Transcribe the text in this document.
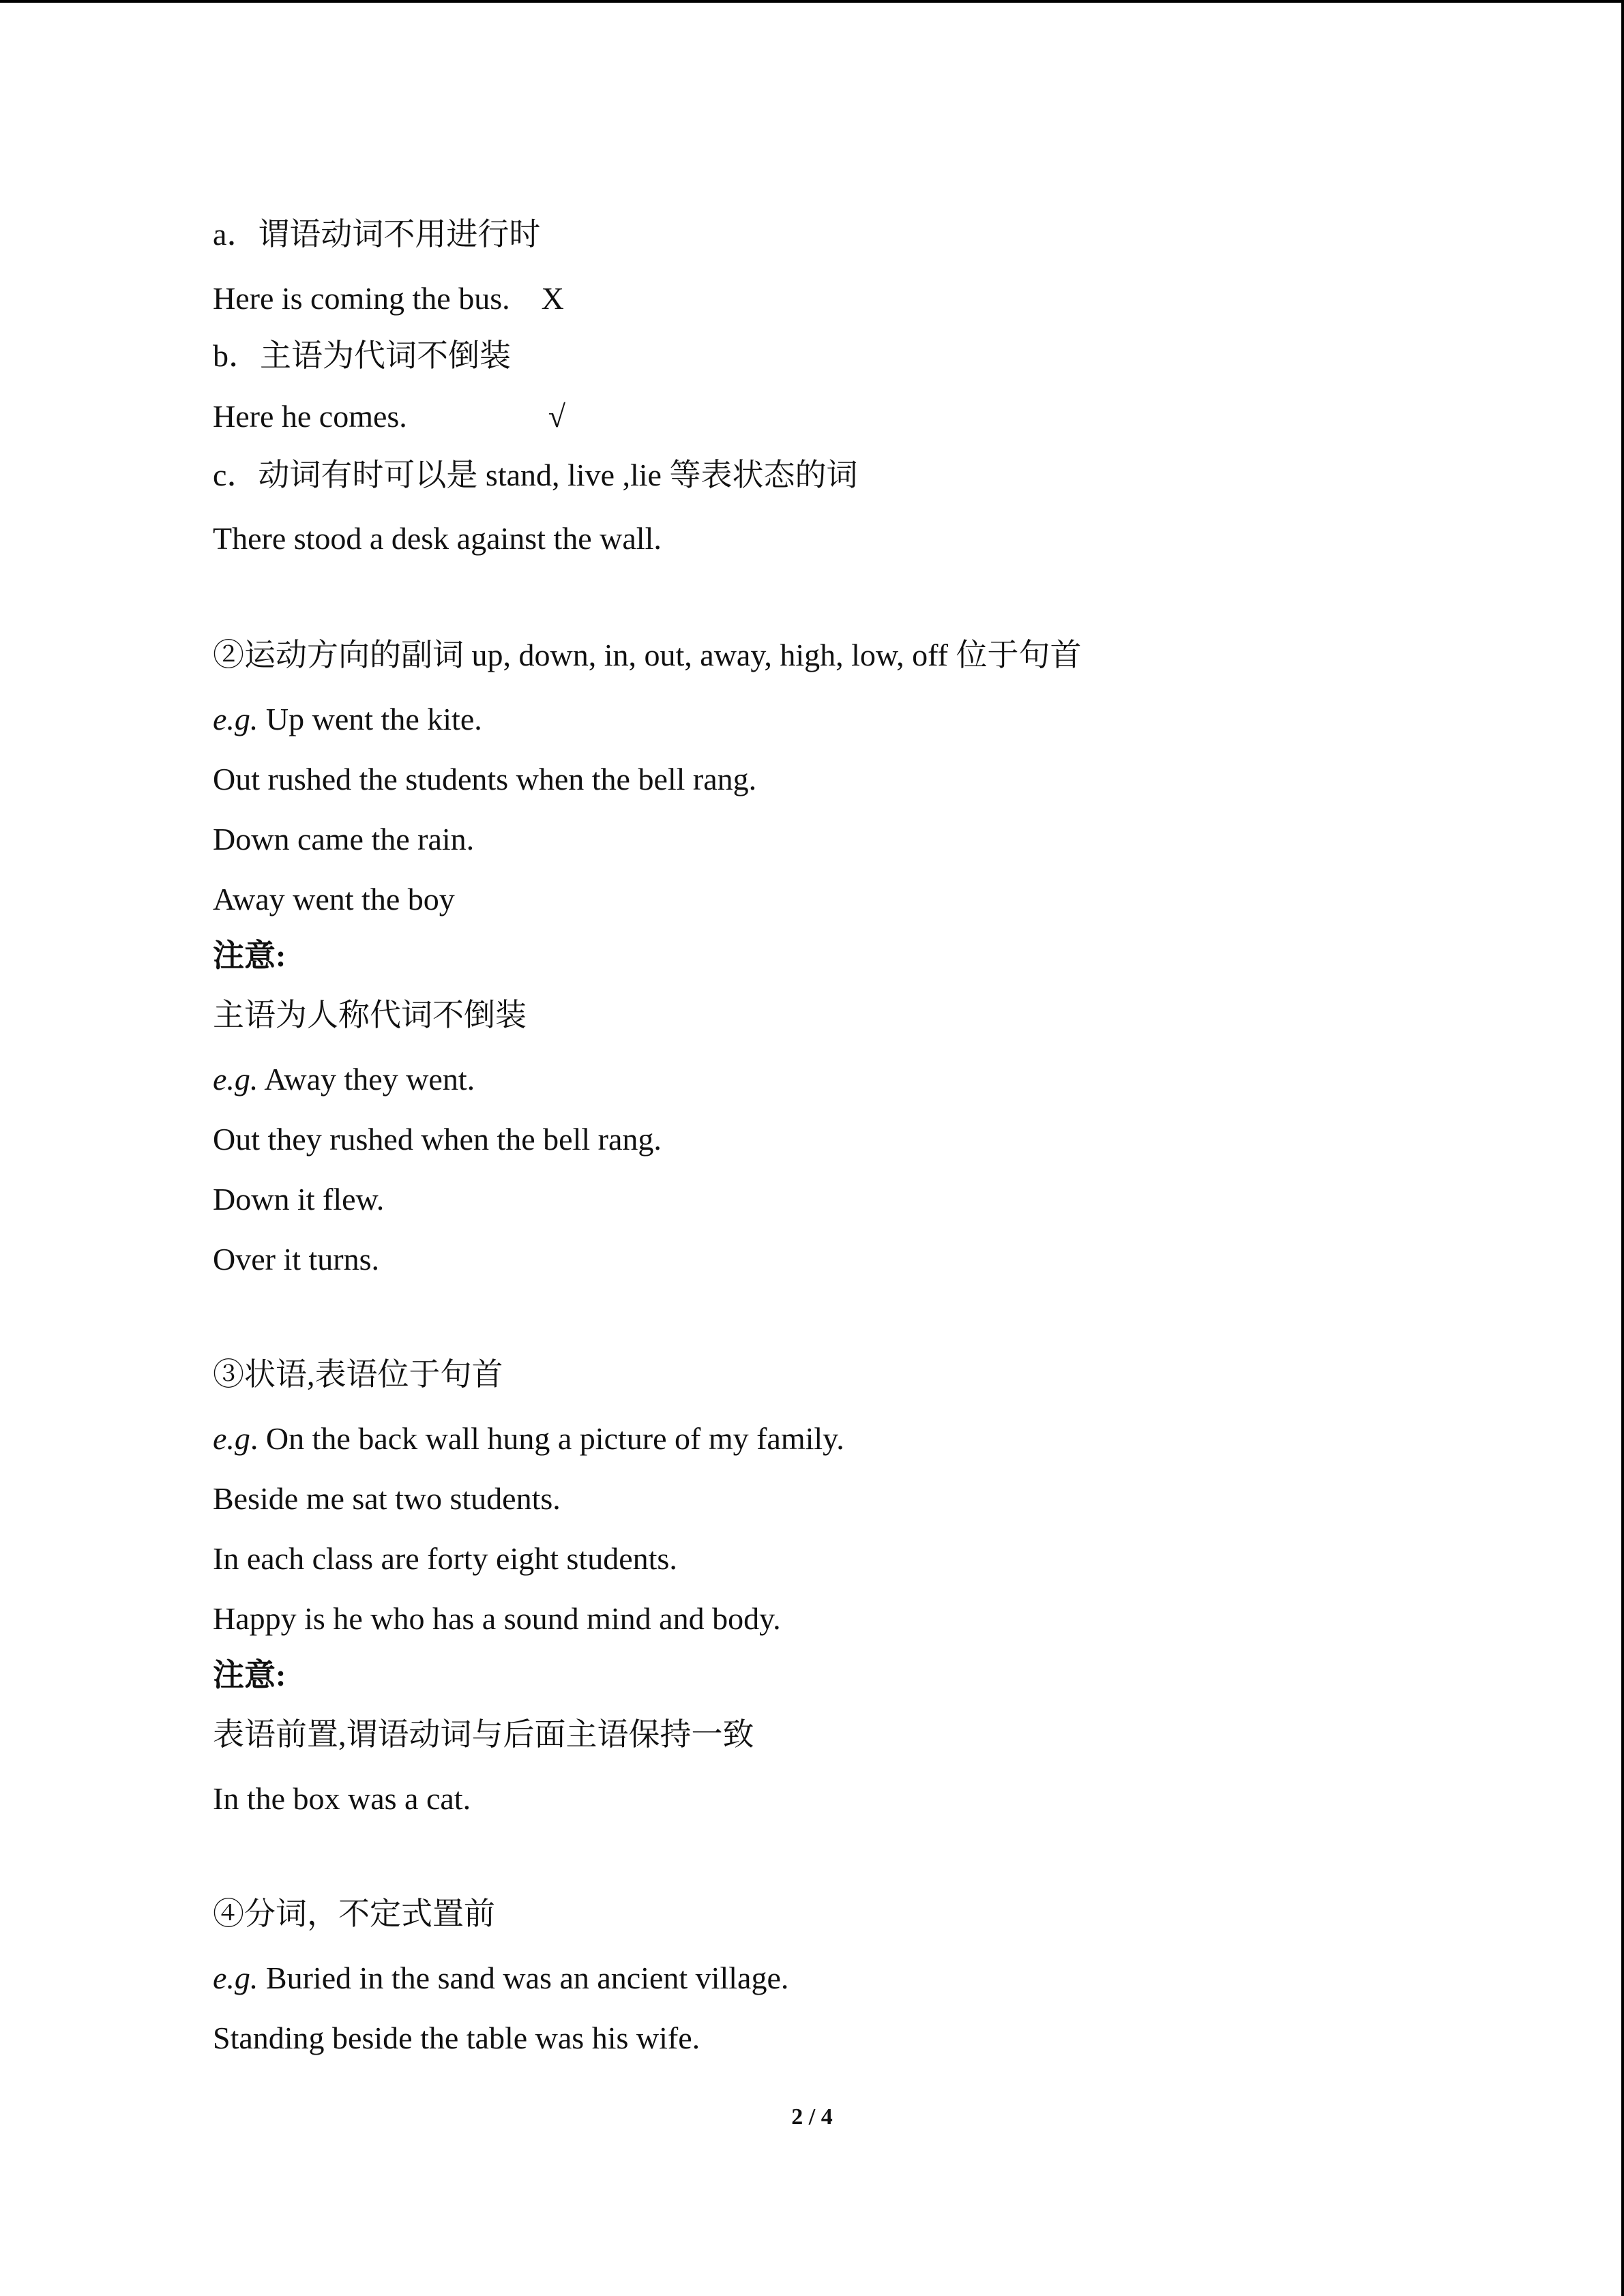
a．谓语动词不用进行时
Here is coming the bus.    X
b．主语为代词不倒装
Here he comes.                  √
c．动词有时可以是 stand, live ,lie 等表状态的词
There stood a desk against the wall.
②运动方向的副词 up, down, in, out, away, high, low, off 位于句首
e.g. Up went the kite.
Out rushed the students when the bell rang.
Down came the rain.
Away went the boy
注意:
主语为人称代词不倒装
e.g. Away they went.
Out they rushed when the bell rang.
Down it flew.
Over it turns.
③状语,表语位于句首
e.g. On the back wall hung a picture of my family.
Beside me sat two students.
In each class are forty eight students.
Happy is he who has a sound mind and body.
注意:
表语前置,谓语动词与后面主语保持一致
In the box was a cat.
④分词，不定式置前
e.g. Buried in the sand was an ancient village.
Standing beside the table was his wife.
2 / 4
